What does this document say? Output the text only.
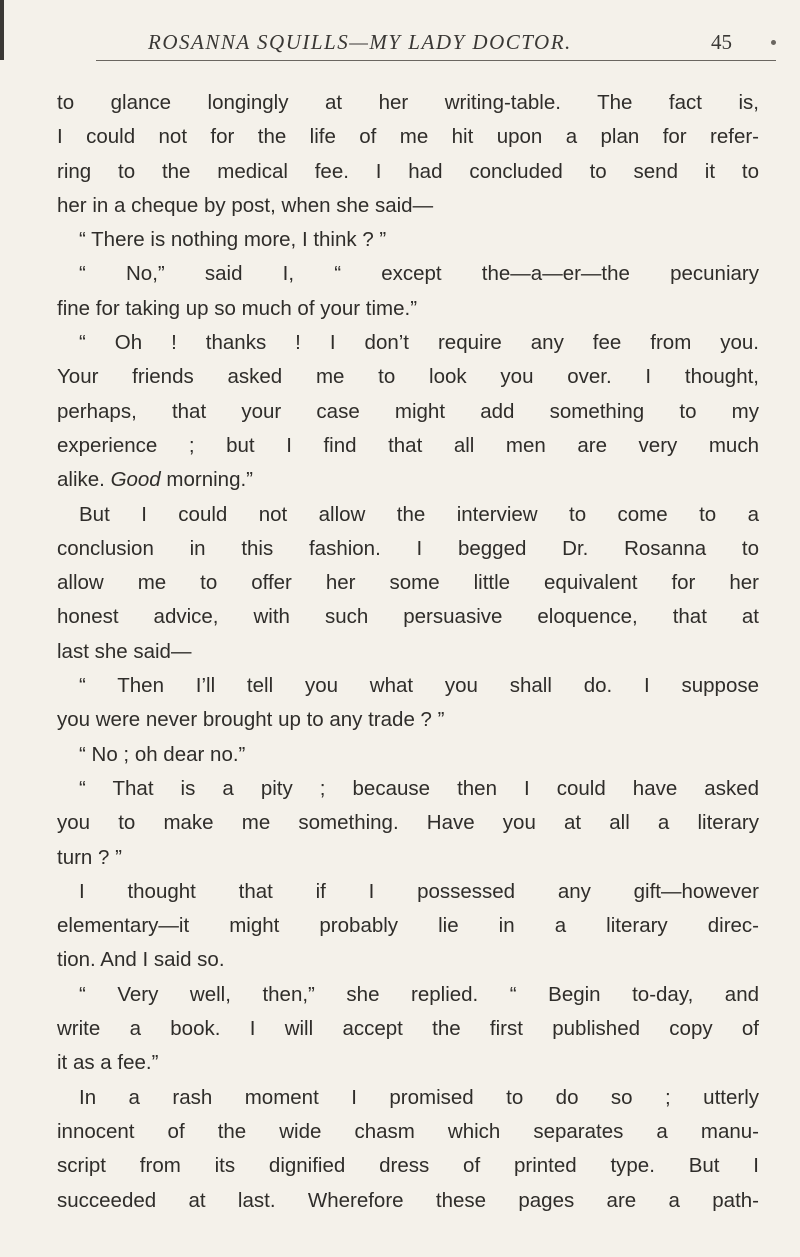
ROSANNA SQUILLS—MY LADY DOCTOR.	45
to glance longingly at her writing-table. The fact is,
I could not for the life of me hit upon a plan for refer-
ring to the medical fee. I had concluded to send it to
her in a cheque by post, when she said—
“ There is nothing more, I think ? ”
“ No,” said I, “ except the—a—er—the pecuniary
fine for taking up so much of your time.”
“ Oh ! thanks ! I don’t require any fee from you.
Your friends asked me to look you over. I thought,
perhaps, that your case might add something to my
experience ; but I find that all men are very much
alike. Good morning.”
But I could not allow the interview to come to a
conclusion in this fashion. I begged Dr. Rosanna to
allow me to offer her some little equivalent for her
honest advice, with such persuasive eloquence, that at
last she said—
“ Then I’ll tell you what you shall do. I suppose
you were never brought up to any trade ? ”
“ No ; oh dear no.”
“ That is a pity ; because then I could have asked
you to make me something. Have you at all a literary
turn ? ”
I thought that if I possessed any gift—however
elementary—it might probably lie in a literary direc-
tion. And I said so.
“ Very well, then,” she replied. “ Begin to-day, and
write a book. I will accept the first published copy of
it as a fee.”
In a rash moment I promised to do so ; utterly
innocent of the wide chasm which separates a manu-
script from its dignified dress of printed type. But I
succeeded at last. Wherefore these pages are a path-
